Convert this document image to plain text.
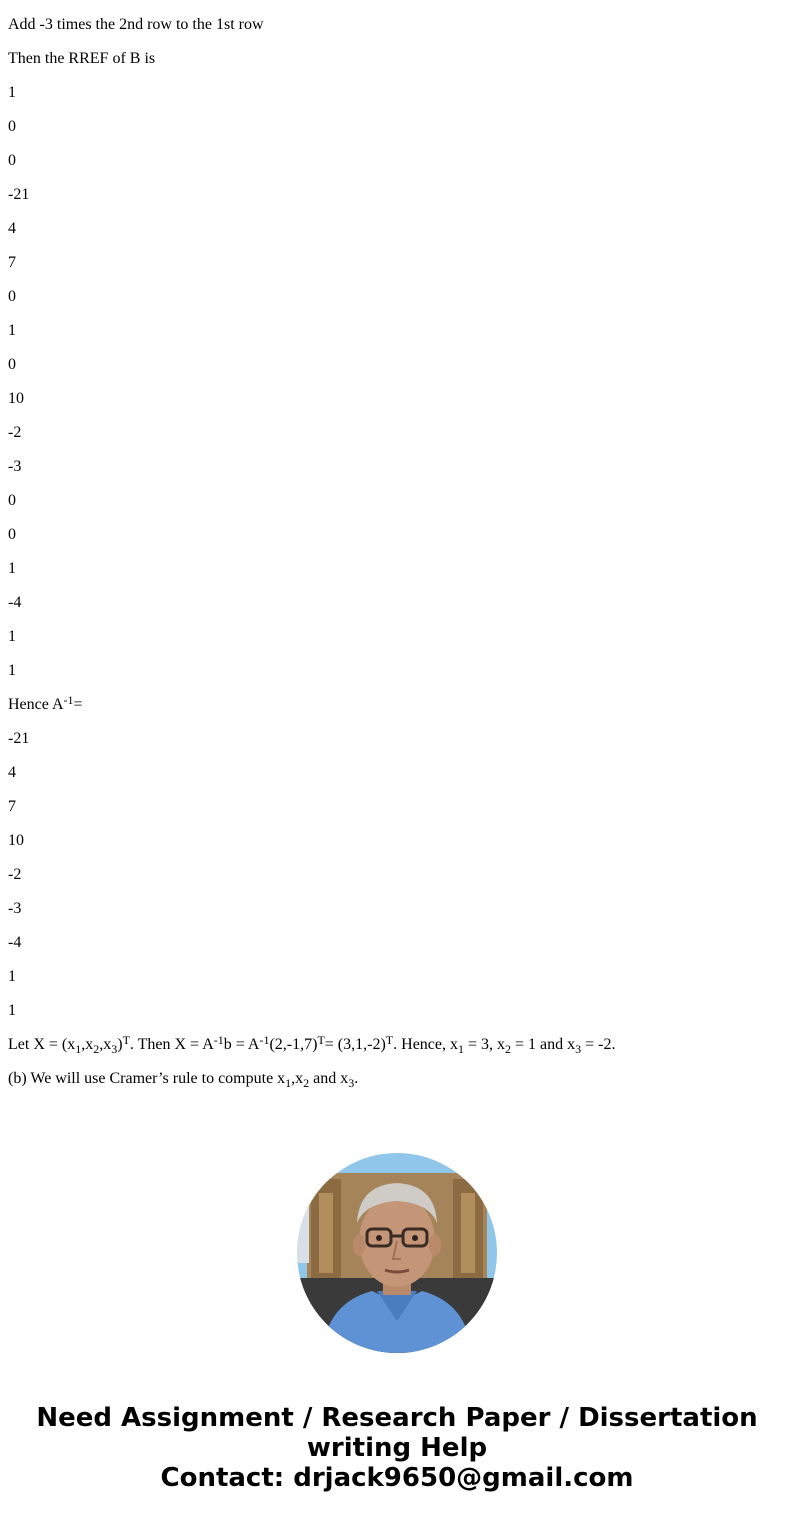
Add -3 times the 2nd row to the 1st row

Then the RREF of B is

1

0

0

-21

4

7

0

1

0

10

-2

-3

0

0

1

-4

1

1

Hence $A^{-1}=$

-21

4

7

10

-2

-3

-4

1

1

Let $X = (x_1,x_2,x_3)^T$. Then $X = A^{-1}b = A^{-1}(2,-1,7)^T= (3,1,-2)^T$. Hence, $x_1 = 3$, $x_2 = 1$ and $x_3 = -2$.

(b) We will use Cramer’s rule to compute $x_1,x_2$ and $x_3$.

Need Assignment / Research Paper / Dissertation
writing Help
Contact: drjack9650@gmail.com
